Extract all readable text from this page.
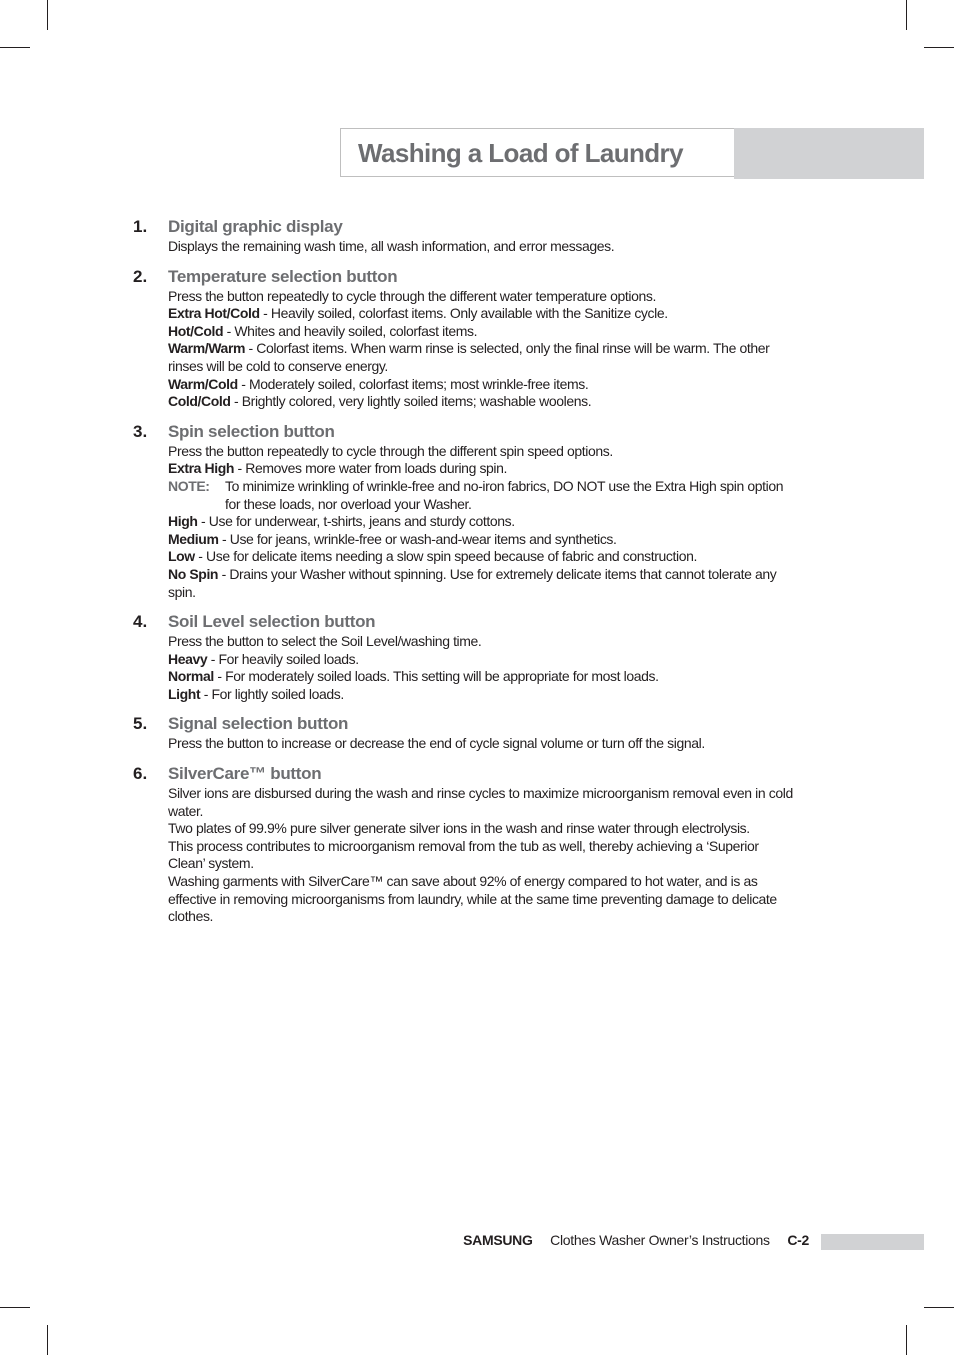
Washing a Load of Laundry
1. Digital graphic display

Displays the remaining wash time, all wash information, and error messages.

2. Temperature selection button

Press the button repeatedly to cycle through the different water temperature options.

Extra Hot/Cold - Heavily soiled, colorfast items. Only available with the Sanitize cycle.

Hot/Cold - Whites and heavily soiled, colorfast items.

Warm/Warm - Colorfast items. When warm rinse is selected, only the final rinse will be warm. The other rinses will be cold to conserve energy.

Warm/Cold - Moderately soiled, colorfast items; most wrinkle-free items.

Cold/Cold - Brightly colored, very lightly soiled items; washable woolens.

3. Spin selection button

Press the button repeatedly to cycle through the different spin speed options.

Extra High - Removes more water from loads during spin.

NOTE: To minimize wrinkling of wrinkle-free and no-iron fabrics, DO NOT use the Extra High spin option for these loads, nor overload your Washer.

High - Use for underwear, t-shirts, jeans and sturdy cottons.

Medium - Use for jeans, wrinkle-free or wash-and-wear items and synthetics.

Low - Use for delicate items needing a slow spin speed because of fabric and construction.

No Spin - Drains your Washer without spinning. Use for extremely delicate items that cannot tolerate any spin.

4. Soil Level selection button

Press the button to select the Soil Level/washing time.

Heavy - For heavily soiled loads.

Normal - For moderately soiled loads. This setting will be appropriate for most loads.

Light - For lightly soiled loads.

5. Signal selection button

Press the button to increase or decrease the end of cycle signal volume or turn off the signal.

6. SilverCare™ button

Silver ions are disbursed during the wash and rinse cycles to maximize microorganism removal even in cold water.

Two plates of 99.9% pure silver generate silver ions in the wash and rinse water through electrolysis.

This process contributes to microorganism removal from the tub as well, thereby achieving a ‘Superior Clean’ system.

Washing garments with SilverCare™ can save about 92% of energy compared to hot water, and is as effective in removing microorganisms from laundry, while at the same time preventing damage to delicate clothes.

SAMSUNG Clothes Washer Owner’s Instructions C-2
